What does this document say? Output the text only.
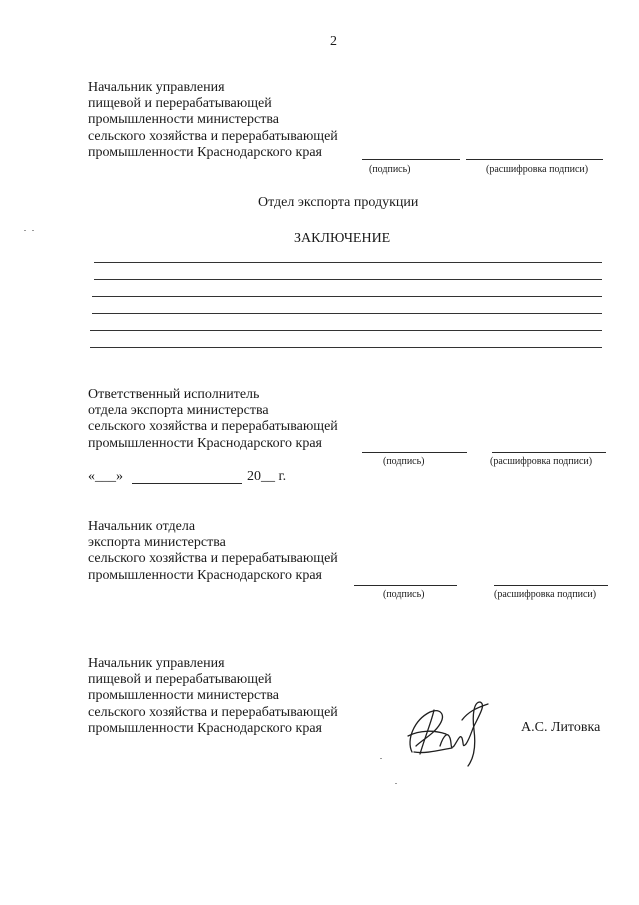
2
Начальник управления
пищевой и перерабатывающей
промышленности министерства
сельского хозяйства и перерабатывающей
промышленности Краснодарского края
(подпись)	(расшифровка подписи)
Отдел экспорта продукции
ЗАКЛЮЧЕНИЕ
Ответственный исполнитель
отдела экспорта министерства
сельского хозяйства и перерабатывающей
промышленности Краснодарского края
(подпись)	(расшифровка подписи)
«___»	20__ г.
Начальник отдела
экспорта министерства
сельского хозяйства и перерабатывающей
промышленности Краснодарского края
(подпись)	(расшифровка подписи)
Начальник управления
пищевой и перерабатывающей
промышленности министерства
сельского хозяйства и перерабатывающей
промышленности Краснодарского края	А.С. Литовка
